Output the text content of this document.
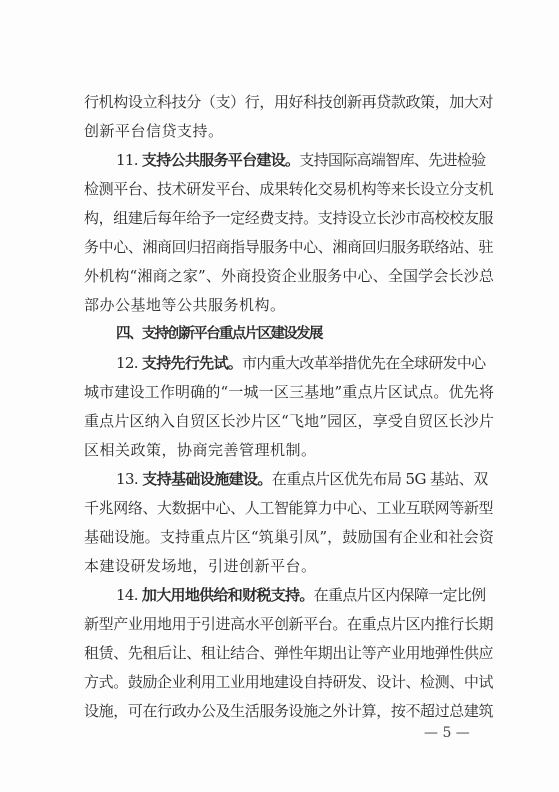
行机构设立科技分（支）行，用好科技创新再贷款政策，加大对
创新平台信贷支持。
11. 支持公共服务平台建设。支持国际高端智库、先进检验
检测平台、技术研发平台、成果转化交易机构等来长设立分支机
构，组建后每年给予一定经费支持。支持设立长沙市高校校友服
务中心、湘商回归招商指导服务中心、湘商回归服务联络站、驻
外机构“湘商之家”、外商投资企业服务中心、全国学会长沙总
部办公基地等公共服务机构。
四、支持创新平台重点片区建设发展
12. 支持先行先试。市内重大改革举措优先在全球研发中心
城市建设工作明确的“一城一区三基地”重点片区试点。优先将
重点片区纳入自贸区长沙片区“飞地”园区，享受自贸区长沙片
区相关政策，协商完善管理机制。
13. 支持基础设施建设。在重点片区优先布局 5G 基站、双
千兆网络、大数据中心、人工智能算力中心、工业互联网等新型
基础设施。支持重点片区“筑巢引凤”，鼓励国有企业和社会资
本建设研发场地，引进创新平台。
14. 加大用地供给和财税支持。在重点片区内保障一定比例
新型产业用地用于引进高水平创新平台。在重点片区内推行长期
租赁、先租后让、租让结合、弹性年期出让等产业用地弹性供应
方式。鼓励企业利用工业用地建设自持研发、设计、检测、中试
设施，可在行政办公及生活服务设施之外计算，按不超过总建筑
— 5 —
